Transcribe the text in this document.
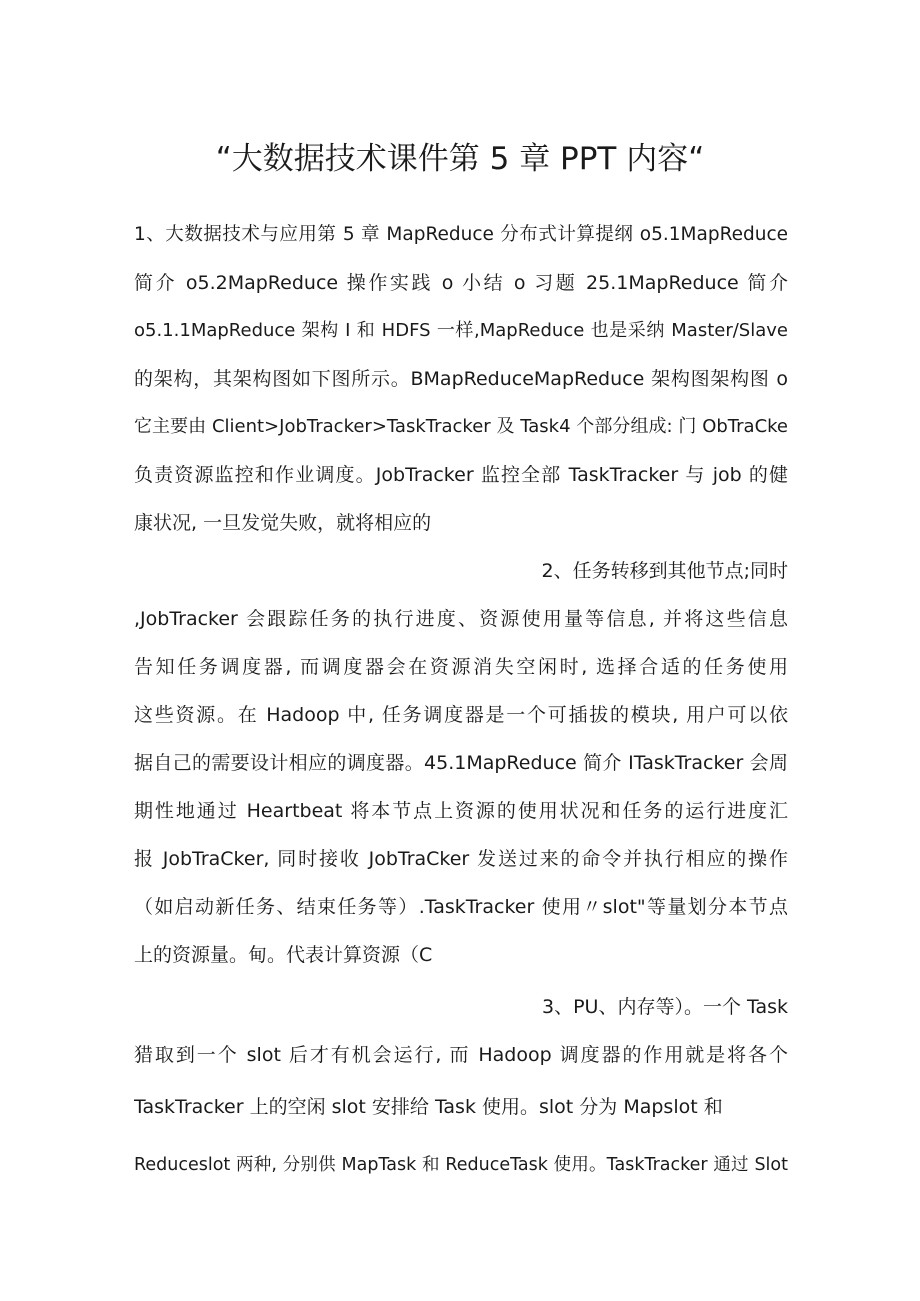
“大数据技术课件第 5 章 PPT 内容“
1、大数据技术与应用第 5 章 MapReduce 分布式计算提纲 o5.1MapReduce
简介 o5.2MapReduce 操作实践 o 小结 o 习题 25.1MapReduce 简介
o5.1.1MapReduce 架构 I 和 HDFS 一样,MapReduce 也是采纳 Master/Slave
的架构，其架构图如下图所示。BMapReduceMapReduce 架构图架构图 o
它主要由 Client>JobTracker>TaskTracker 及 Task4 个部分组成: 门 ObTraCke
负责资源监控和作业调度。JobTracker 监控全部 TaskTracker 与 job 的健
康状况, 一旦发觉失败，就将相应的
2、任务转移到其他节点;同时
,JobTracker 会跟踪任务的执行进度、资源使用量等信息, 并将这些信息
告知任务调度器, 而调度器会在资源消失空闲时, 选择合适的任务使用
这些资源。在 Hadoop 中, 任务调度器是一个可插拔的模块, 用户可以依
据自己的需要设计相应的调度器。45.1MapReduce 简介 ITaskTracker 会周
期性地通过 Heartbeat 将本节点上资源的使用状况和任务的运行进度汇
报 JobTraCker, 同时接收 JobTraCker 发送过来的命令并执行相应的操作
（如启动新任务、结束任务等）.TaskTracker 使用〃slot"等量划分本节点
上的资源量。甸。代表计算资源（C
3、PU、内存等）。一个 Task
猎取到一个 slot 后才有机会运行, 而 Hadoop 调度器的作用就是将各个
TaskTracker 上的空闲 slot 安排给 Task 使用。slot 分为 Mapslot 和
Reduceslot 两种, 分别供 MapTask 和 ReduceTask 使用。TaskTracker 通过 Slot
